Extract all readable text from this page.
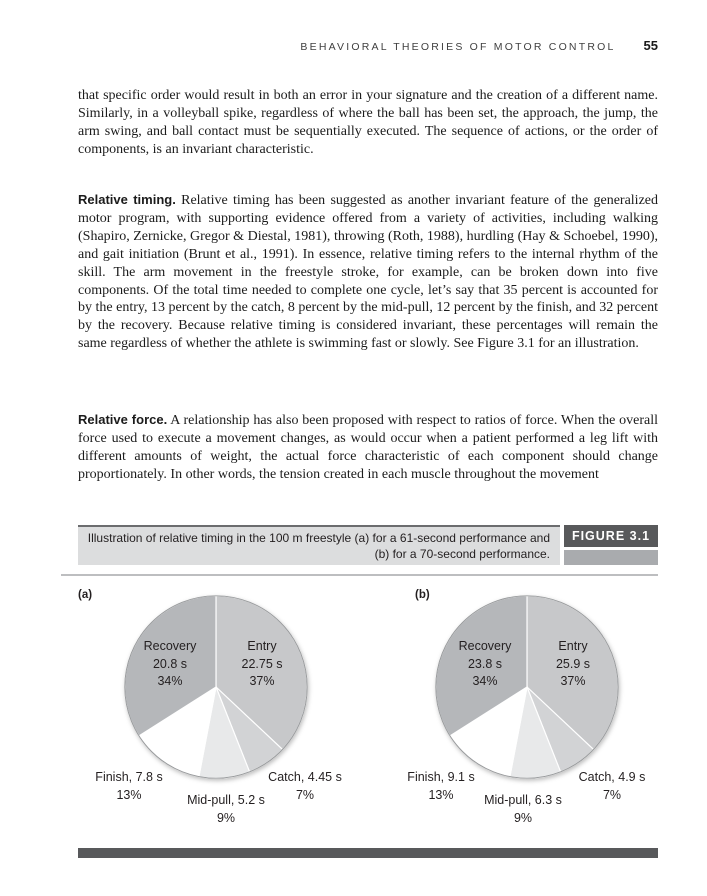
BEHAVIORAL THEORIES OF MOTOR CONTROL 55

that specific order would result in both an error in your signature and the creation of a different name. Similarly, in a volleyball spike, regardless of where the ball has been set, the approach, the jump, the arm swing, and ball contact must be sequentially executed. The sequence of actions, or the order of components, is an invariant characteristic.

Relative timing. Relative timing has been suggested as another invariant feature of the generalized motor program, with supporting evidence offered from a variety of activities, including walking (Shapiro, Zernicke, Gregor & Diestal, 1981), throwing (Roth, 1988), hurdling (Hay & Schoebel, 1990), and gait initiation (Brunt et al., 1991). In essence, relative timing refers to the internal rhythm of the skill. The arm movement in the freestyle stroke, for example, can be broken down into five components. Of the total time needed to complete one cycle, let’s say that 35 percent is accounted for by the entry, 13 percent by the catch, 8 percent by the mid-pull, 12 percent by the finish, and 32 percent by the recovery. Because relative timing is considered invariant, these percentages will remain the same regardless of whether the athlete is swimming fast or slowly. See Figure 3.1 for an illustration.

Relative force. A relationship has also been proposed with respect to ratios of force. When the overall force used to execute a movement changes, as would occur when a patient performed a leg lift with different amounts of weight, the actual force characteristic of each component should change proportionately. In other words, the tension created in each muscle throughout the movement

Illustration of relative timing in the 100 m freestyle (a) for a 61-second performance and
(b) for a 70-second performance.
FIGURE 3.1
(a)	(b)
Recovery
20.8 s
34%
Entry
22.75 s
37%
Finish, 7.8 s
13%	Mid-pull, 5.2 s
9%
Catch, 4.45 s
7%
Recovery
23.8 s
34%
Entry
25.9 s
37%
Finish, 9.1 s
13%	Mid-pull, 6.3 s
9%
Catch, 4.9 s
7%
